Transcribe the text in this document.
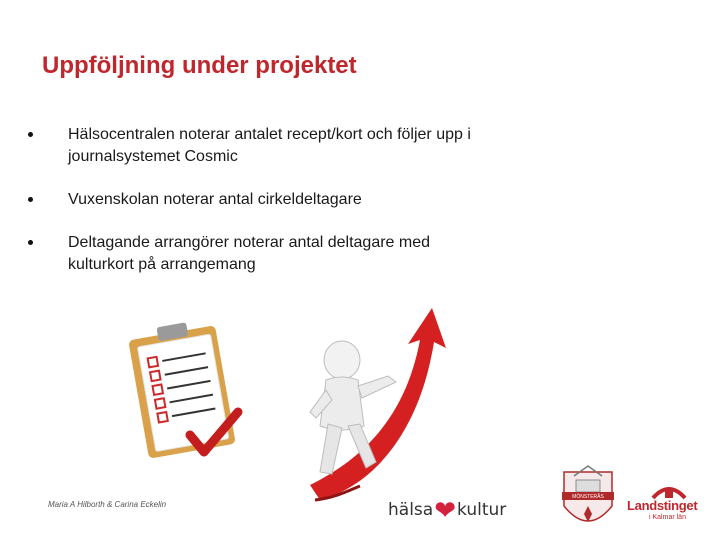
Uppföljning under projektet
Hälsocentralen noterar antalet recept/kort och följer upp i
journalsystemet Cosmic
Vuxenskolan noterar antal cirkeldeltagare
Deltagande arrangörer noterar antal deltagare med
kulturkort på arrangemang
Maria A Hilborth & Carina Eckelin	hälsa❤kultur
MÖNSTERÅS
Landstinget
i Kalmar län
